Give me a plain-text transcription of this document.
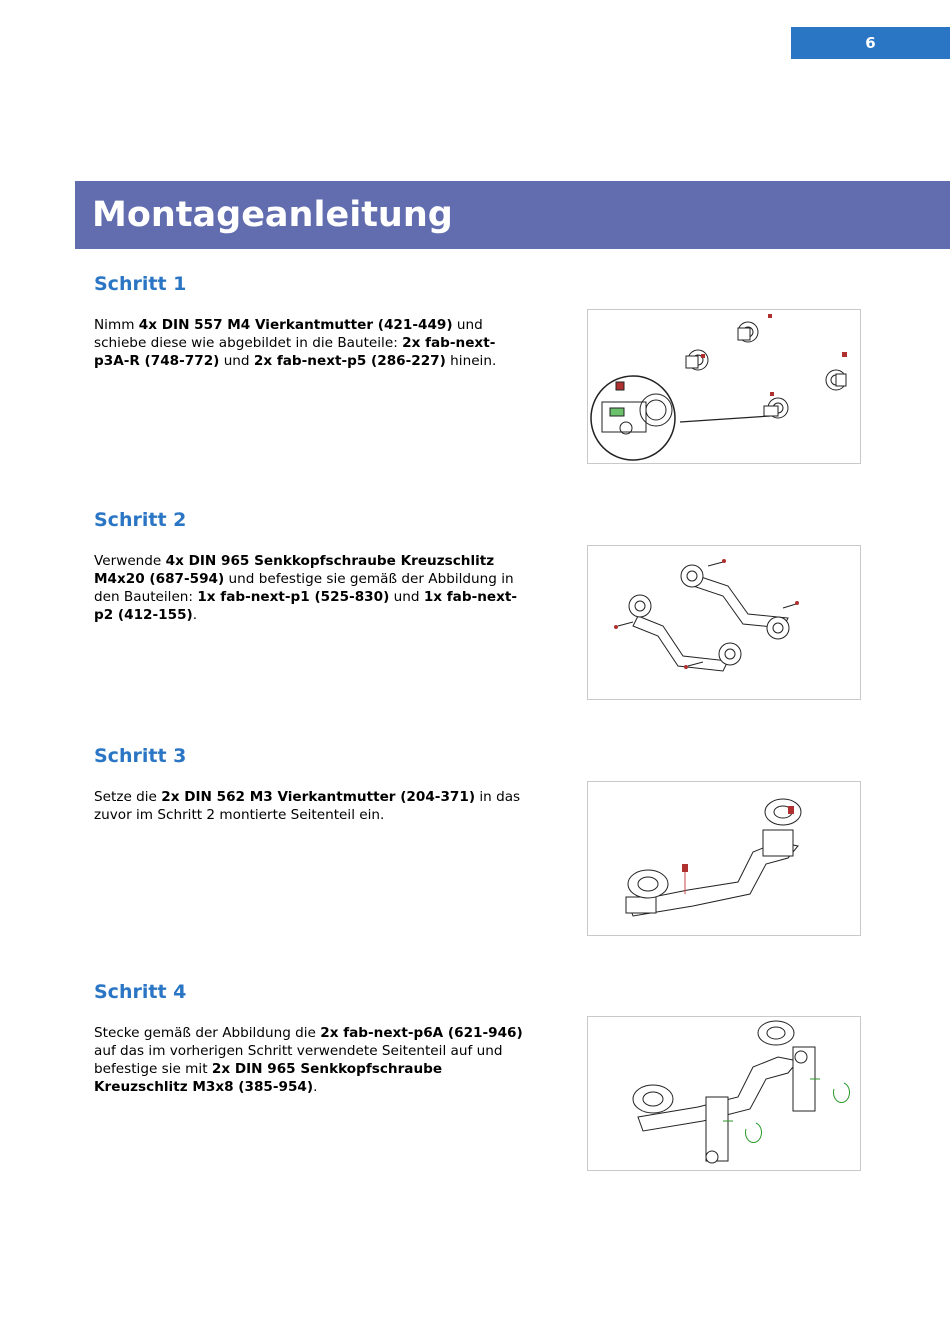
6
Montageanleitung
Schritt 1

Nimm 4x DIN 557 M4 Vierkantmutter (421-449) und schiebe diese wie abgebildet in die Bauteile: 2x fab-next-p3A-R (748-772) und 2x fab-next-p5 (286-227) hinein.

Schritt 2

Verwende 4x DIN 965 Senkkopfschraube Kreuzschlitz M4x20 (687-594) und befestige sie gemäß der Abbildung in den Bauteilen: 1x fab-next-p1 (525-830) und 1x fab-next-p2 (412-155).

Schritt 3

Setze die 2x DIN 562 M3 Vierkantmutter (204-371) in das zuvor im Schritt 2 montierte Seitenteil ein.

Schritt 4

Stecke gemäß der Abbildung die 2x fab-next-p6A (621-946) auf das im vorherigen Schritt verwendete Seitenteil auf und befestige sie mit 2x DIN 965 Senkkopfschraube Kreuzschlitz M3x8 (385-954).
